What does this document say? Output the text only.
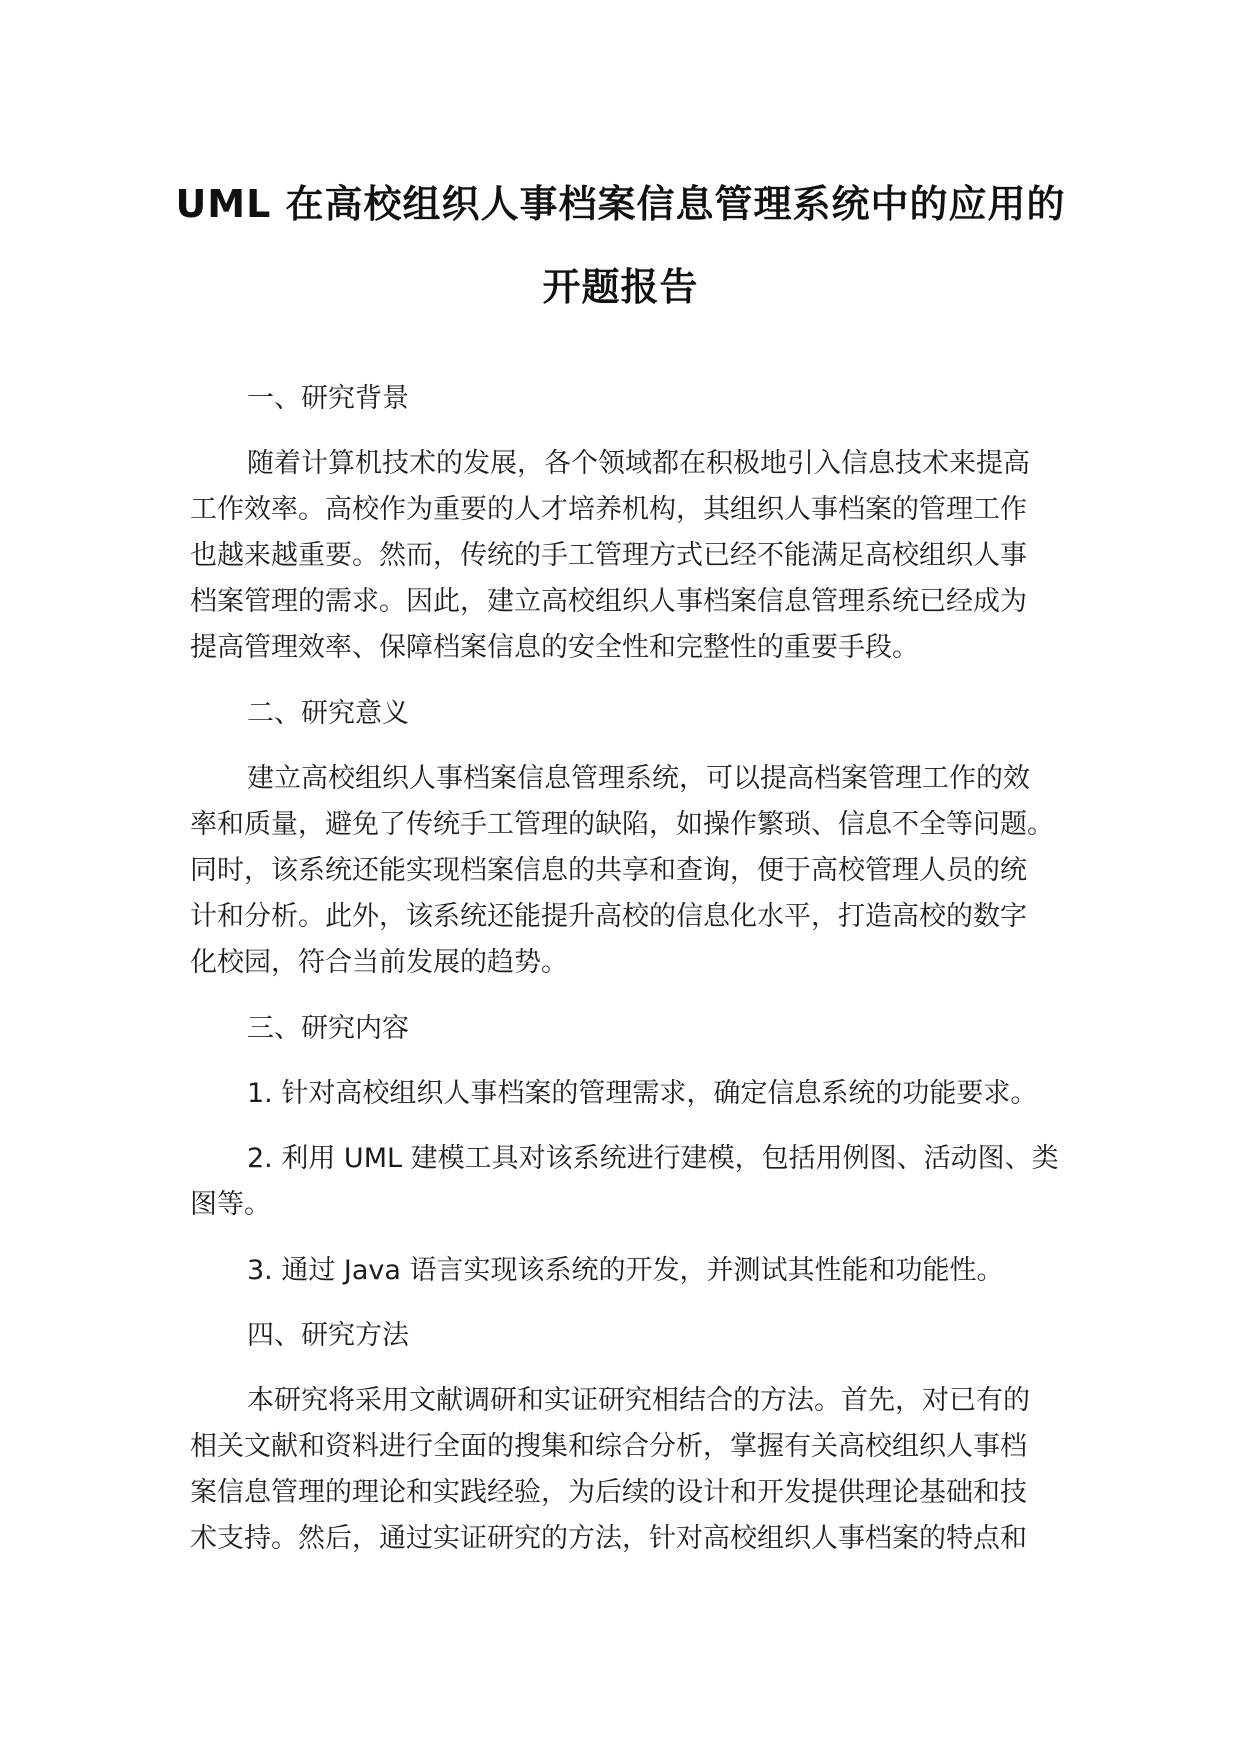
UML 在高校组织人事档案信息管理系统中的应用的
开题报告
一、研究背景
随着计算机技术的发展，各个领域都在积极地引入信息技术来提高
工作效率。高校作为重要的人才培养机构，其组织人事档案的管理工作
也越来越重要。然而，传统的手工管理方式已经不能满足高校组织人事
档案管理的需求。因此，建立高校组织人事档案信息管理系统已经成为
提高管理效率、保障档案信息的安全性和完整性的重要手段。
二、研究意义
建立高校组织人事档案信息管理系统，可以提高档案管理工作的效
率和质量，避免了传统手工管理的缺陷，如操作繁琐、信息不全等问题。
同时，该系统还能实现档案信息的共享和查询，便于高校管理人员的统
计和分析。此外，该系统还能提升高校的信息化水平，打造高校的数字
化校园，符合当前发展的趋势。
三、研究内容
1. 针对高校组织人事档案的管理需求，确定信息系统的功能要求。
2. 利用 UML 建模工具对该系统进行建模，包括用例图、活动图、类
图等。
3. 通过 Java 语言实现该系统的开发，并测试其性能和功能性。
四、研究方法
本研究将采用文献调研和实证研究相结合的方法。首先，对已有的
相关文献和资料进行全面的搜集和综合分析，掌握有关高校组织人事档
案信息管理的理论和实践经验，为后续的设计和开发提供理论基础和技
术支持。然后，通过实证研究的方法，针对高校组织人事档案的特点和
